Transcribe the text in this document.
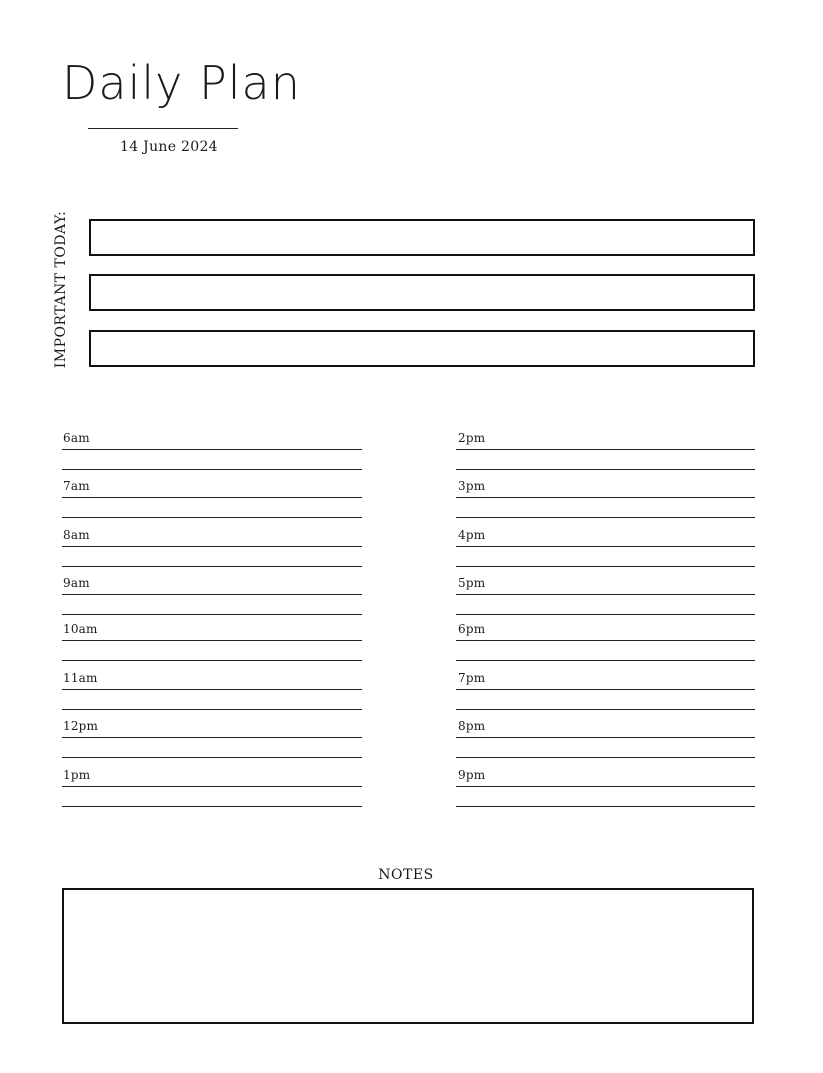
Daily Plan
14 June 2024
IMPORTANT TODAY:
6am
7am
8am
9am
10am
11am
12pm
1pm
2pm
3pm
4pm
5pm
6pm
7pm
8pm
9pm
NOTES
